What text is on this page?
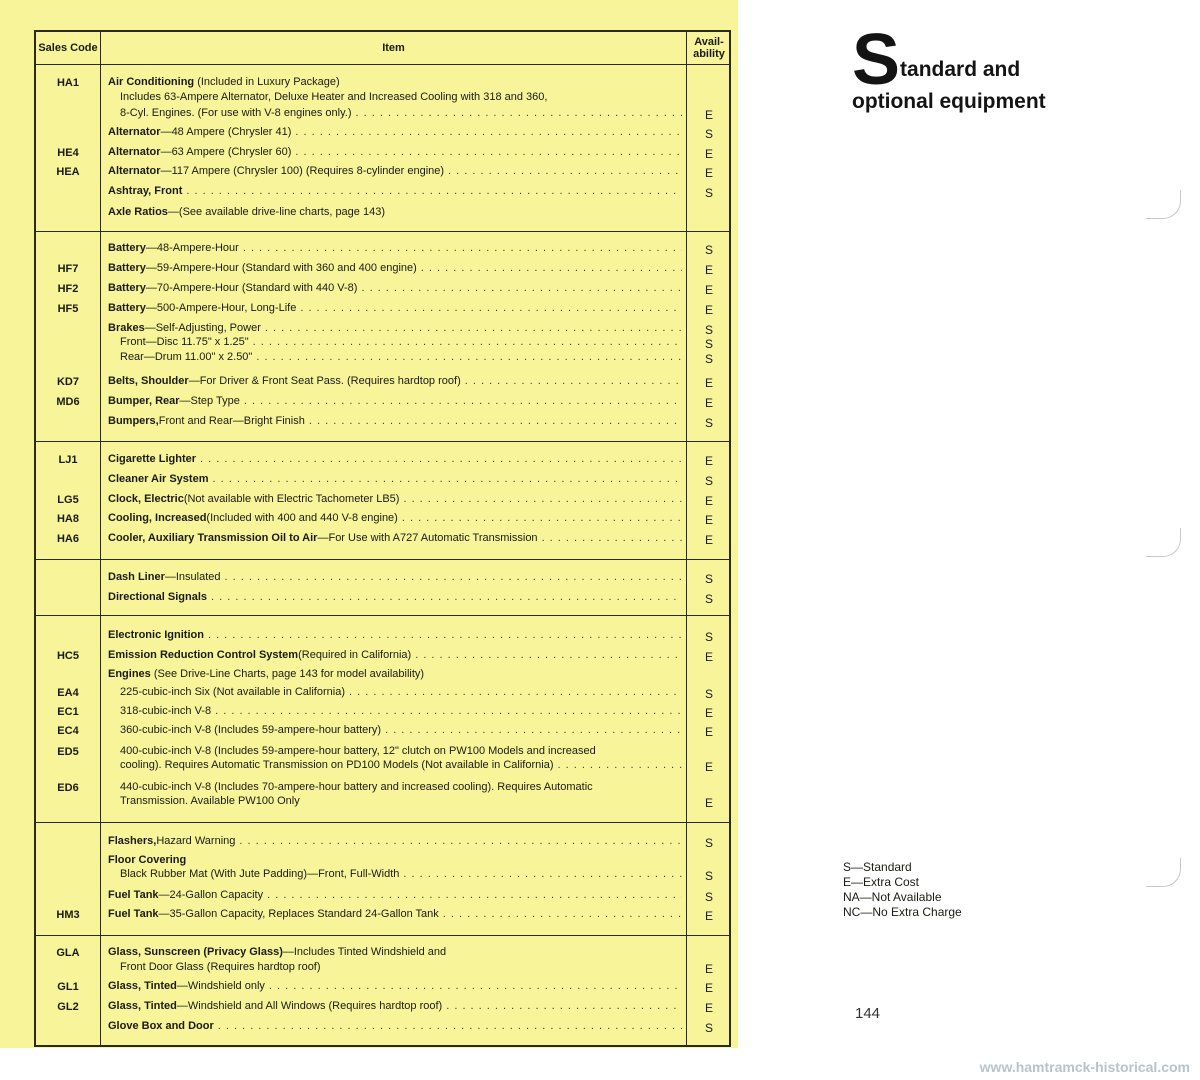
Sales Code	Item	Avail- ability
HA1	Air Conditioning (Included in Luxury Package)
Includes 63-Ampere Alternator, Deluxe Heater and Increased Cooling with 318 and 360,
8-Cyl. Engines. (For use with V-8 engines only.) . . .	E
Alternator —48 Ampere (Chrysler 41) . . .	S
HE4	Alternator —63 Ampere (Chrysler 60) . . .	E
HEA	Alternator —117 Ampere (Chrysler 100) (Requires 8-cylinder engine) . . .	E
Ashtray, Front . . .	S
Axle Ratios—(See available drive-line charts, page 143)
Battery —48-Ampere-Hour . . .	S
HF7	Battery —59-Ampere-Hour (Standard with 360 and 400 engine) . . .	E
HF2	Battery —70-Ampere-Hour (Standard with 440 V-8) . . .	E
HF5	Battery —500-Ampere-Hour, Long-Life . . .	E
Brakes —Self-Adjusting, Power . . .	S
Front—Disc 11.75" x 1.25" . . .	S
Rear—Drum 11.00" x 2.50" . . .	S
KD7	Belts, Shoulder —For Driver & Front Seat Pass. (Requires hardtop roof) . . .	E
MD6	Bumper, Rear —Step Type . . .	E
Bumpers, Front and Rear—Bright Finish . . .	S
LJ1	Cigarette Lighter . . .	E
Cleaner Air System . . .	S
LG5	Clock, Electric (Not available with Electric Tachometer LB5) . . .	E
HA8	Cooling, Increased (Included with 400 and 440 V-8 engine) . . .	E
HA6	Cooler, Auxiliary Transmission Oil to Air —For Use with A727 Automatic Transmission . . .	E
Dash Liner —Insulated . . .	S
Directional Signals . . .	S
Electronic Ignition . . .	S
HC5	Emission Reduction Control System (Required in California) . . .	E
Engines (See Drive-Line Charts, page 143 for model availability)
EA4	225-cubic-inch Six (Not available in California) . . .	S
EC1	318-cubic-inch V-8 . . .	E
EC4	360-cubic-inch V-8 (Includes 59-ampere-hour battery) . . .	E
ED5	400-cubic-inch V-8 (Includes 59-ampere-hour battery, 12" clutch on PW100 Models and increased
cooling). Requires Automatic Transmission on PD100 Models (Not available in California) . . .	E
ED6	440-cubic-inch V-8 (Includes 70-ampere-hour battery and increased cooling). Requires Automatic
Transmission. Available PW100 Only	E
Flashers, Hazard Warning . . .	S
Floor Covering
Black Rubber Mat (With Jute Padding)—Front, Full-Width . . .	S
Fuel Tank —24-Gallon Capacity . . .	S
HM3	Fuel Tank —35-Gallon Capacity, Replaces Standard 24-Gallon Tank . . .	E
GLA	Glass, Sunscreen (Privacy Glass)—Includes Tinted Windshield and
Front Door Glass (Requires hardtop roof)	E
GL1	Glass, Tinted —Windshield only . . .	E
GL2	Glass, Tinted —Windshield and All Windows (Requires hardtop roof) . . .	E
Glove Box and Door . . .	S
S tandard and
optional equipment
S—Standard
E—Extra Cost
NA—Not Available
NC—No Extra Charge
144
www.hamtramck-historical.com
